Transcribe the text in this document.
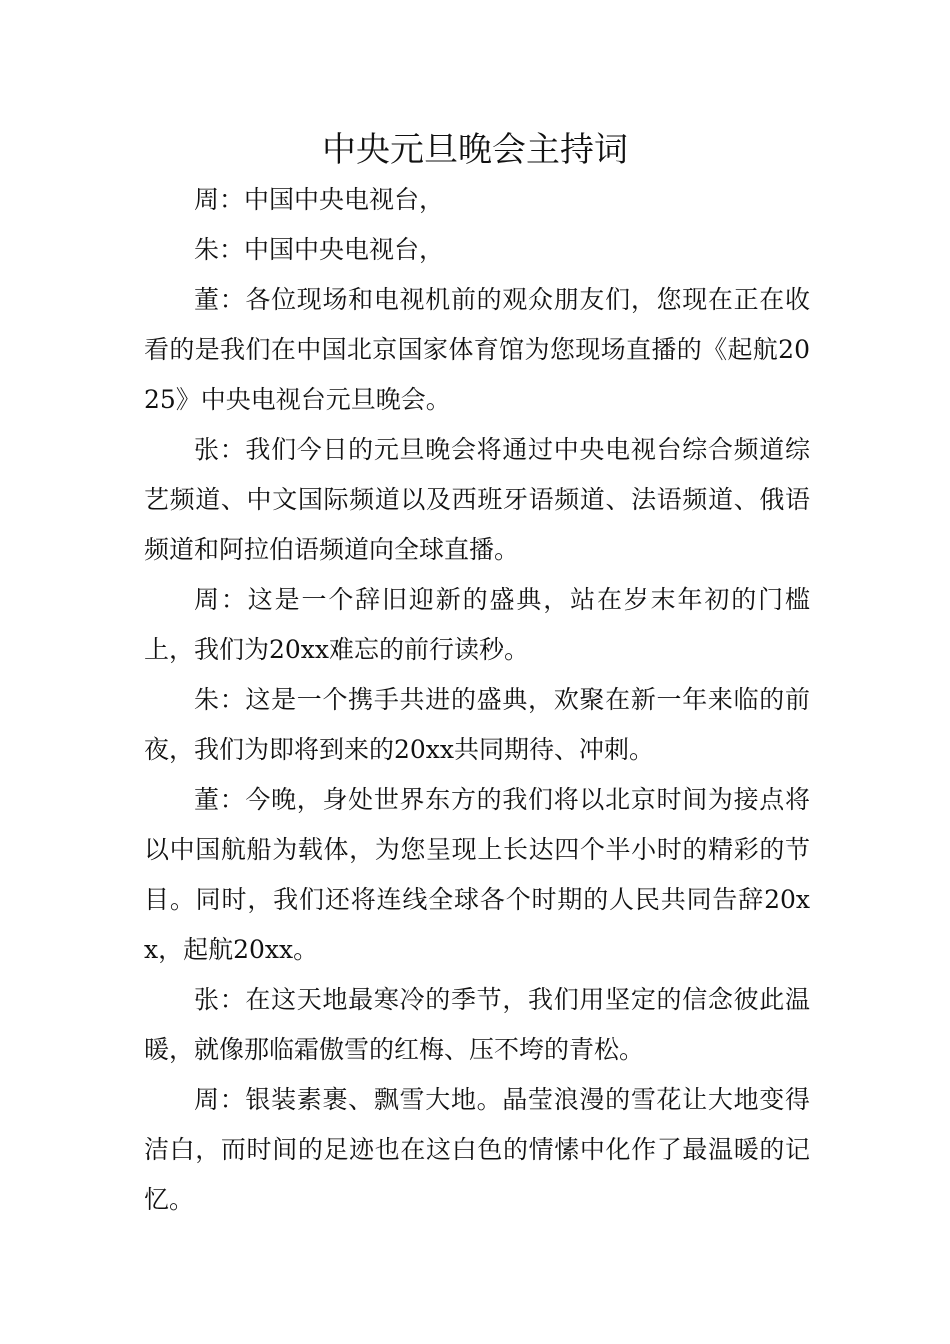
中央元旦晚会主持词

周：中国中央电视台，

朱：中国中央电视台，

董：各位现场和电视机前的观众朋友们，您现在正在收看的是我们在中国北京国家体育馆为您现场直播的《起航2025》中央电视台元旦晚会。

张：我们今日的元旦晚会将通过中央电视台综合频道综艺频道、中文国际频道以及西班牙语频道、法语频道、俄语频道和阿拉伯语频道向全球直播。

周：这是一个辞旧迎新的盛典，站在岁末年初的门槛上，我们为20xx难忘的前行读秒。

朱：这是一个携手共进的盛典，欢聚在新一年来临的前夜，我们为即将到来的20xx共同期待、冲刺。

董：今晚，身处世界东方的我们将以北京时间为接点将以中国航船为载体，为您呈现上长达四个半小时的精彩的节目。同时，我们还将连线全球各个时期的人民共同告辞20xx，起航20xx。

张：在这天地最寒冷的季节，我们用坚定的信念彼此温暖，就像那临霜傲雪的红梅、压不垮的青松。

周：银装素裹、飘雪大地。晶莹浪漫的雪花让大地变得洁白，而时间的足迹也在这白色的情愫中化作了最温暖的记忆。
